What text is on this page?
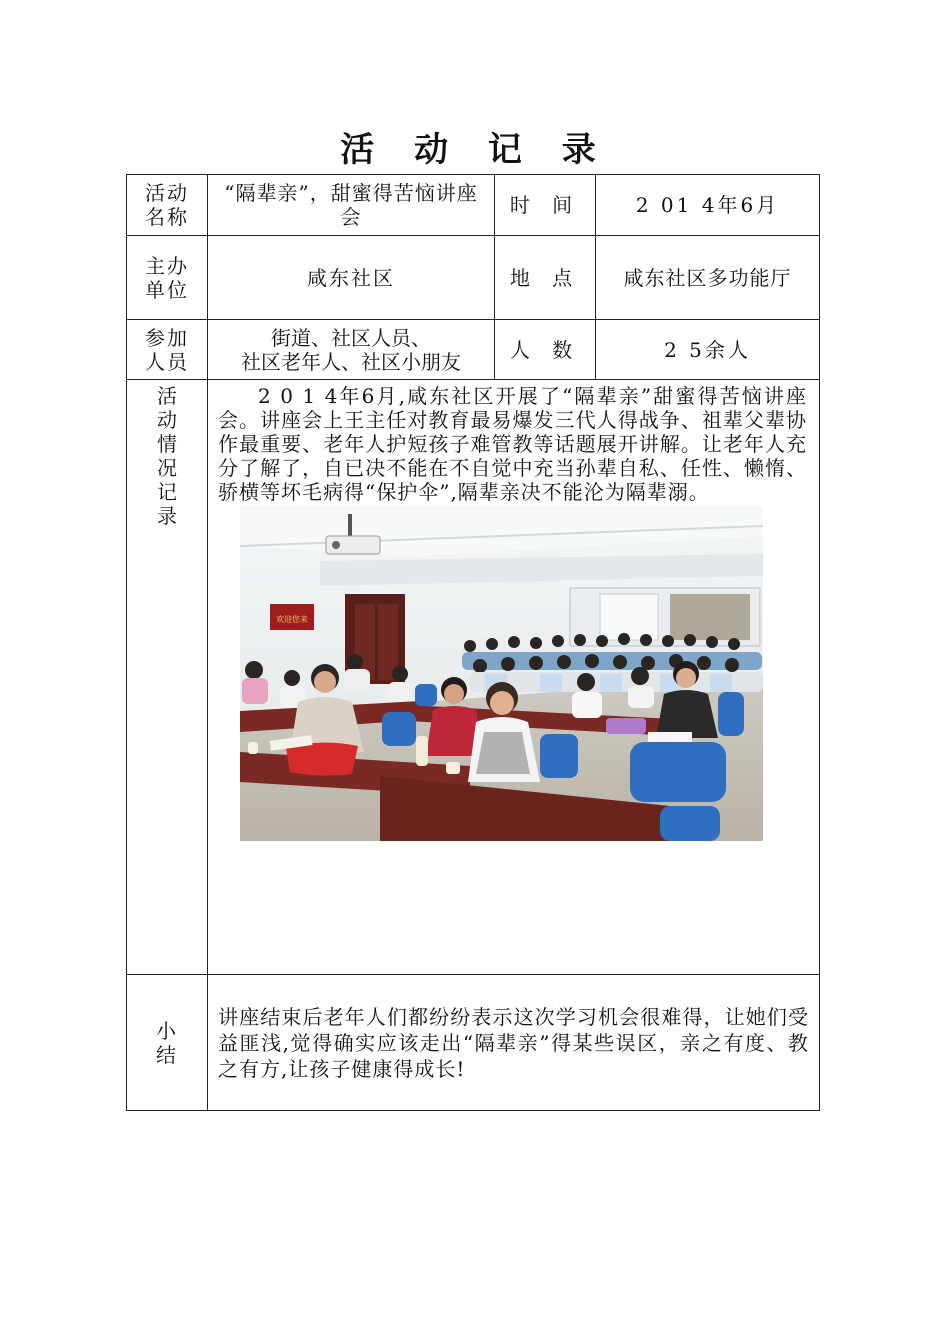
活 动 记 录
活动名称	“隔辈亲”，甜蜜得苦恼讲座会	时 间	2 01 4年6月

主办单位	咸东社区	地 点	咸东社区多功能厅

参加人员	街道、社区人员、
社区老年人、社区小朋友	人 数	2 5余人

活动情况记录	2 0 1 4年6月,咸东社区开展了“隔辈亲”甜蜜得苦恼讲座会。讲座会上王主任对教育最易爆发三代人得战争、祖辈父辈协作最重要、老年人护短孩子难管教等话题展开讲解。让老年人充分了解了，自已决不能在不自觉中充当孙辈自私、任性、懒惰、骄横等坏毛病得“保护伞”,隔辈亲决不能沦为隔辈溺。
欢迎您来		

小结	讲座结束后老年人们都纷纷表示这次学习机会很难得，让她们受益匪浅,觉得确实应该走出“隔辈亲”得某些误区，亲之有度、教之有方,让孩子健康得成长!		
